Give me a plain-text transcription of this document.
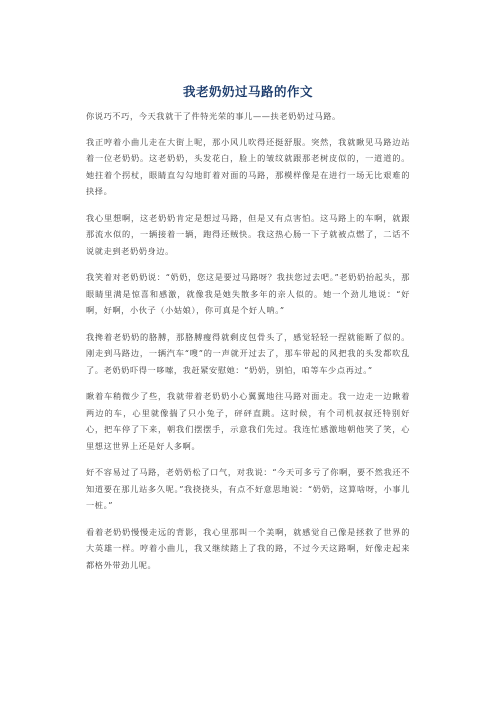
我老奶奶过马路的作文

你说巧不巧，今天我就干了件特光荣的事儿——扶老奶奶过马路。

我正哼着小曲儿走在大街上呢，那小风儿吹得还挺舒服。突然，我就瞅见马路边站着一位老奶奶。这老奶奶，头发花白，脸上的皱纹就跟那老树皮似的，一道道的。她拄着个拐杖，眼睛直勾勾地盯着对面的马路，那模样像是在进行一场无比艰难的抉择。

我心里想啊，这老奶奶肯定是想过马路，但是又有点害怕。这马路上的车啊，就跟那流水似的，一辆接着一辆，跑得还贼快。我这热心肠一下子就被点燃了，二话不说就走到老奶奶身边。

我笑着对老奶奶说：“奶奶，您这是要过马路呀？我扶您过去吧。”老奶奶抬起头，那眼睛里满是惊喜和感激，就像我是她失散多年的亲人似的。她一个劲儿地说：“好啊，好啊，小伙子（小姑娘），你可真是个好人呐。”

我搀着老奶奶的胳膊，那胳膊瘦得就剩皮包骨头了，感觉轻轻一捏就能断了似的。刚走到马路边，一辆汽车“嗖”的一声就开过去了，那车带起的风把我的头发都吹乱了。老奶奶吓得一哆嗦，我赶紧安慰她：“奶奶，别怕，咱等车少点再过。”

瞅着车稍微少了些，我就带着老奶奶小心翼翼地往马路对面走。我一边走一边瞅着两边的车，心里就像揣了只小兔子，砰砰直跳。这时候，有个司机叔叔还特别好心，把车停了下来，朝我们摆摆手，示意我们先过。我连忙感激地朝他笑了笑，心里想这世界上还是好人多啊。

好不容易过了马路，老奶奶松了口气，对我说：“今天可多亏了你啊，要不然我还不知道要在那儿站多久呢。”我挠挠头，有点不好意思地说：“奶奶，这算啥呀，小事儿一桩。”

看着老奶奶慢慢走远的背影，我心里那叫一个美啊，就感觉自己像是拯救了世界的大英雄一样。哼着小曲儿，我又继续踏上了我的路，不过今天这路啊，好像走起来都格外带劲儿呢。
